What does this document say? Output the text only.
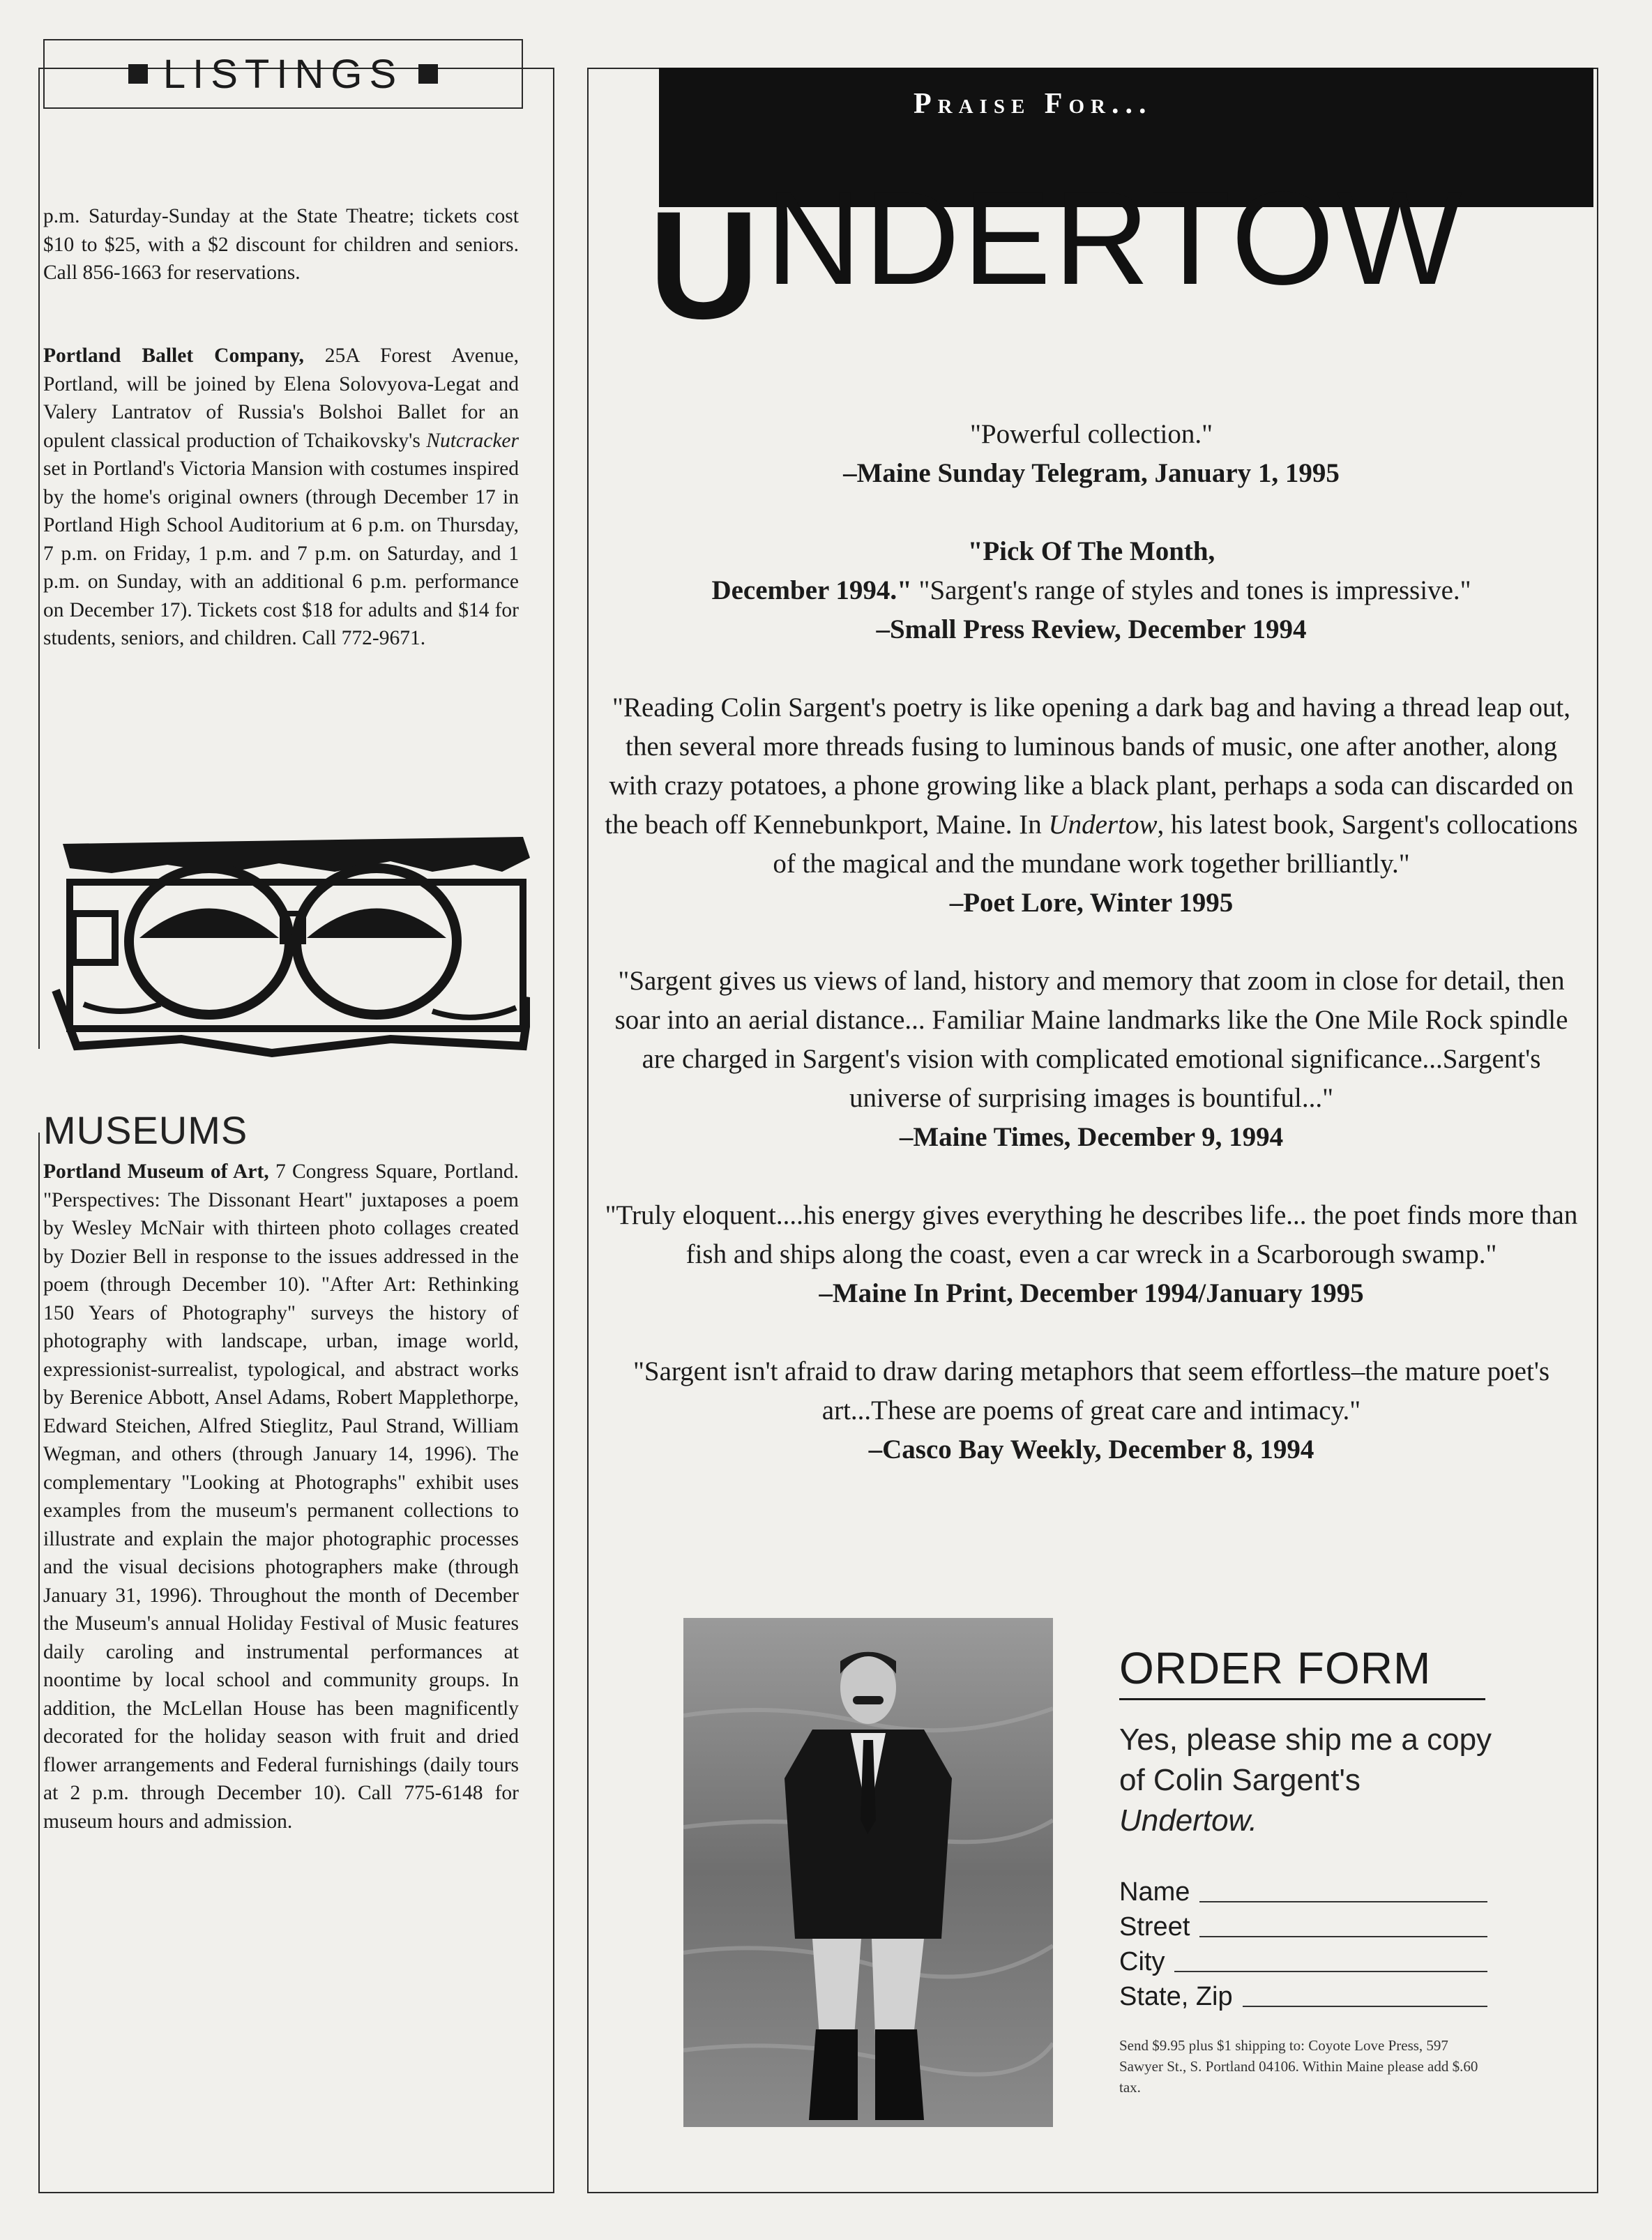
LISTINGS
p.m. Saturday-Sunday at the State Theatre; tickets cost $10 to $25, with a $2 discount for children and seniors. Call 856-1663 for reservations.
Portland Ballet Company, 25A Forest Avenue, Portland, will be joined by Elena Solovyova-Legat and Valery Lantratov of Russia's Bolshoi Ballet for an opulent classical production of Tchaikovsky's Nutcracker set in Portland's Victoria Mansion with costumes inspired by the home's original owners (through December 17 in Portland High School Auditorium at 6 p.m. on Thursday, 7 p.m. on Friday, 1 p.m. and 7 p.m. on Saturday, and 1 p.m. on Sunday, with an additional 6 p.m. performance on December 17). Tickets cost $18 for adults and $14 for students, seniors, and children. Call 772-9671.
MUSEUMS
Portland Museum of Art, 7 Congress Square, Portland. "Perspectives: The Dissonant Heart" juxtaposes a poem by Wesley McNair with thirteen photo collages created by Dozier Bell in response to the issues addressed in the poem (through December 10). "After Art: Rethinking 150 Years of Photography" surveys the history of photography with landscape, urban, image world, expressionist-surrealist, typological, and abstract works by Berenice Abbott, Ansel Adams, Robert Mapplethorpe, Edward Steichen, Alfred Stieglitz, Paul Strand, William Wegman, and others (through January 14, 1996). The complementary "Looking at Photographs" exhibit uses examples from the museum's permanent collections to illustrate and explain the major photographic processes and the visual decisions photographers make (through January 31, 1996). Throughout the month of December the Museum's annual Holiday Festival of Music features daily caroling and instrumental performances at noontime by local school and community groups. In addition, the McLellan House has been magnificently decorated for the holiday season with fruit and dried flower arrangements and Federal furnishings (daily tours at 2 p.m. through December 10). Call 775-6148 for museum hours and admission.
Praise For...
U NDERTOW
"Powerful collection."
–Maine Sunday Telegram, January 1, 1995
"Pick Of The Month,
December 1994." "Sargent's range of styles and tones is impressive."
–Small Press Review, December 1994
"Reading Colin Sargent's poetry is like opening a dark bag and having a thread leap out, then several more threads fusing to luminous bands of music, one after another, along with crazy potatoes, a phone growing like a black plant, perhaps a soda can discarded on the beach off Kennebunkport, Maine. In Undertow, his latest book, Sargent's collocations of the magical and the mundane work together brilliantly."
–Poet Lore, Winter 1995
"Sargent gives us views of land, history and memory that zoom in close for detail, then soar into an aerial distance... Familiar Maine landmarks like the One Mile Rock spindle are charged in Sargent's vision with complicated emotional significance...Sargent's universe of surprising images is bountiful..."
–Maine Times, December 9, 1994
"Truly eloquent....his energy gives everything he describes life... the poet finds more than fish and ships along the coast, even a car wreck in a Scarborough swamp."
–Maine In Print, December 1994/January 1995
"Sargent isn't afraid to draw daring metaphors that seem effortless–the mature poet's art...These are poems of great care and intimacy."
–Casco Bay Weekly, December 8, 1994
ORDER FORM
Yes, please ship me a copy of Colin Sargent's
Undertow.
Name
Street
City
State, Zip
Send $9.95 plus $1 shipping to: Coyote Love Press, 597 Sawyer St., S. Portland 04106. Within Maine please add $.60 tax.
